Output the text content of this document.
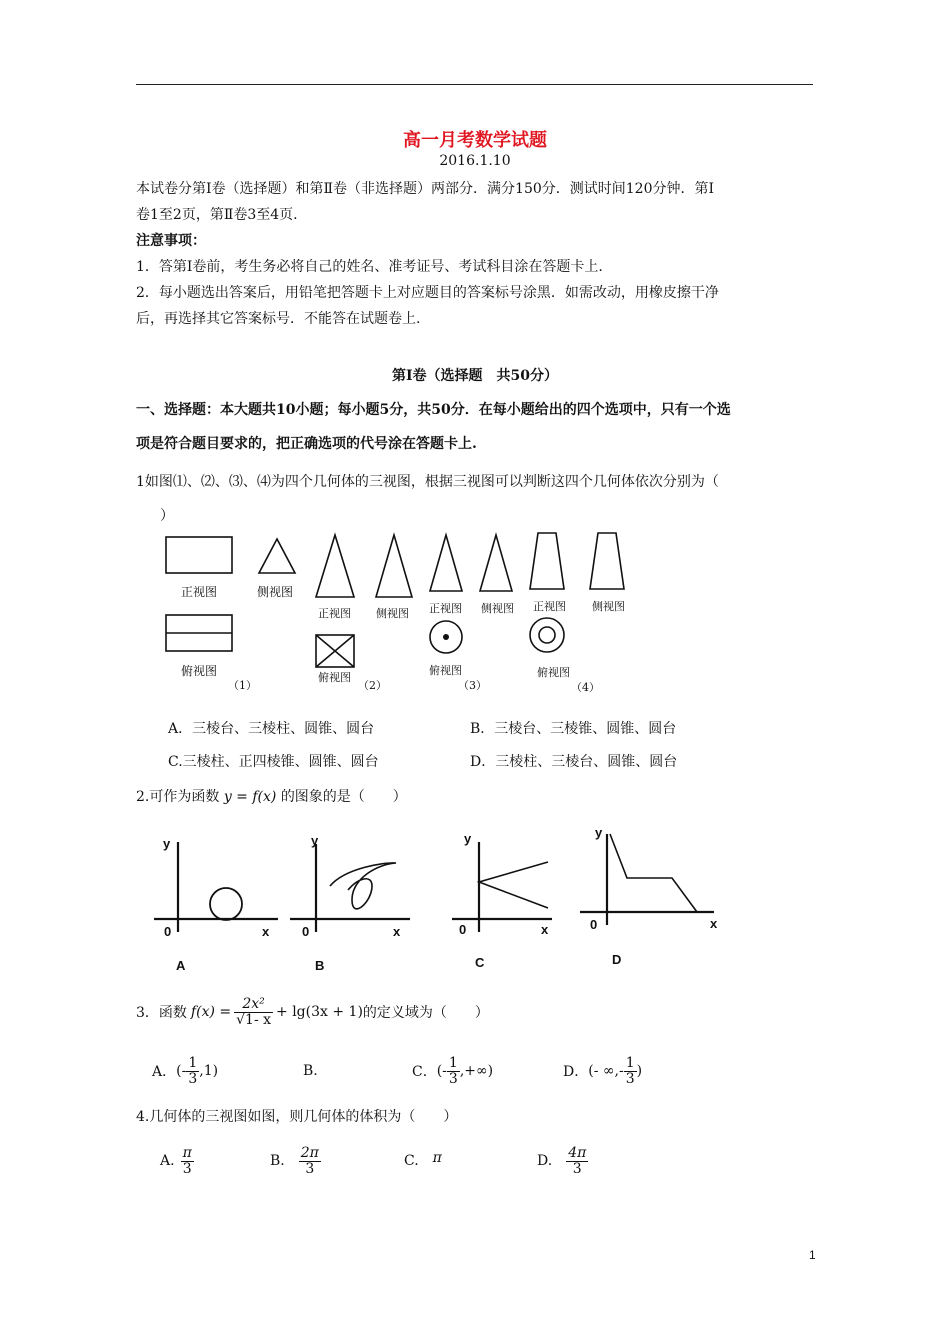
高一月考数学试题
2016.1.10
本试卷分第Ⅰ卷（选择题）和第Ⅱ卷（非选择题）两部分．满分150分．测试时间120分钟．第Ⅰ
卷1至2页，第Ⅱ卷3至4页.
注意事项：
1．答第Ⅰ卷前，考生务必将自己的姓名、准考证号、考试科目涂在答题卡上.
2．每小题选出答案后，用铅笔把答题卡上对应题目的答案标号涂黑．如需改动，用橡皮擦干净
后，再选择其它答案标号．不能答在试题卷上.
第Ⅰ卷（选择题　共50分）
一、选择题：本大题共10小题；每小题5分，共50分．在每小题给出的四个选项中，只有一个选
项是符合题目要求的，把正确选项的代号涂在答题卡上.
1如图⑴、⑵、⑶、⑷为四个几何体的三视图，根据三视图可以判断这四个几何体依次分别为（
）
正视图	侧视图
俯视图
（1）
正视图 侧视图
俯视图
（2）
正视图 侧视图
俯视图
（3）
正视图 侧视图
俯视图
（4）
A．三棱台、三棱柱、圆锥、圆台	B．三棱台、三棱锥、圆锥、圆台
C.三棱柱、正四棱锥、圆锥、圆台	D．三棱柱、三棱台、圆锥、圆台
2.可作为函数 y = f(x) 的图象的是（　　）
y
x
0
A
y
x
0
B
y
x
0
C
y
x
0
D
3．函数 $f(x) = \frac{\text{2x²}}{√1- x} + \lg(3x + 1)$ 的定义域为（　　）
A． (- $\frac{1}{3} ,1$)	B.	C． (- $\frac{1}{3}$ ,+∞)	D． (- ∞,- $\frac{1}{3}$ )
4.几何体的三视图如图，则几何体的体积为（　　）
A. $\frac{\pi}{3}$	B. $\frac{2\pi}{3}$	C. π	D. $\frac{4\pi}{3}$
1
